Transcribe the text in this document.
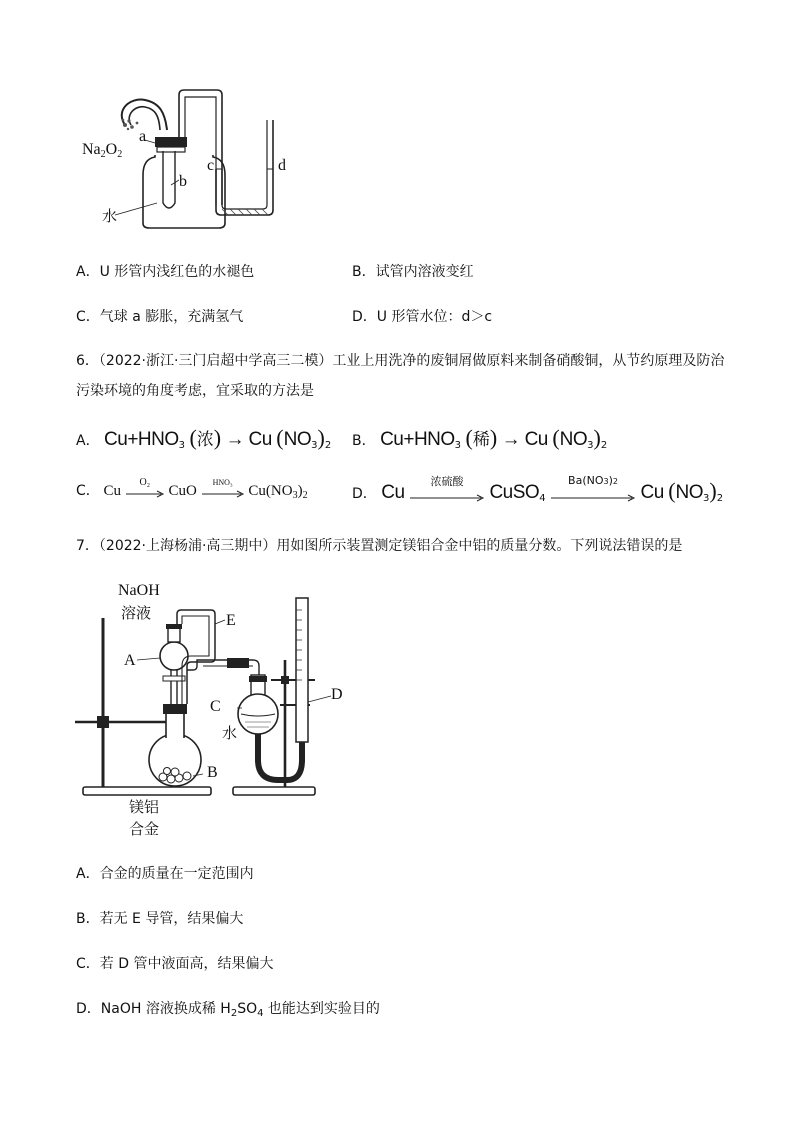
a
b
c	d
$Na_2O_2$
水
A．U 形管内浅红色的水褪色	B．试管内溶液变红
C．气球 a 膨胀，充满氢气	D．U 形管水位：d＞c
6．（2022·浙江·三门启超中学高三二模）工业上用洗净的废铜屑做原料来制备硝酸铜，从节约原理及防治
污染环境的角度考虑，宜采取的方法是
A． $Cu+HNO_3$ (浓) → Cu $(NO_3)_2$ B． $Cu+HNO_3$ (稀) → Cu $(NO_3)_2$
C． Cu
O₂
CuO
HNO₃
$Cu(NO_3)_2$	D． Cu
浓硫酸
CuSO$_4$
Ba(NO3)2
Cu $(NO_3)_2$
7．（2022·上海杨浦·高三期中）用如图所示装置测定镁铝合金中铝的质量分数。下列说法错误的是
NaOH
溶液
A
E
B
C
水
D
镁铝
合金
A．合金的质量在一定范围内
B．若无 E 导管，结果偏大
C．若 D 管中液面高，结果偏大
D．NaOH 溶液换成稀 $H_2SO_4$ 也能达到实验目的
